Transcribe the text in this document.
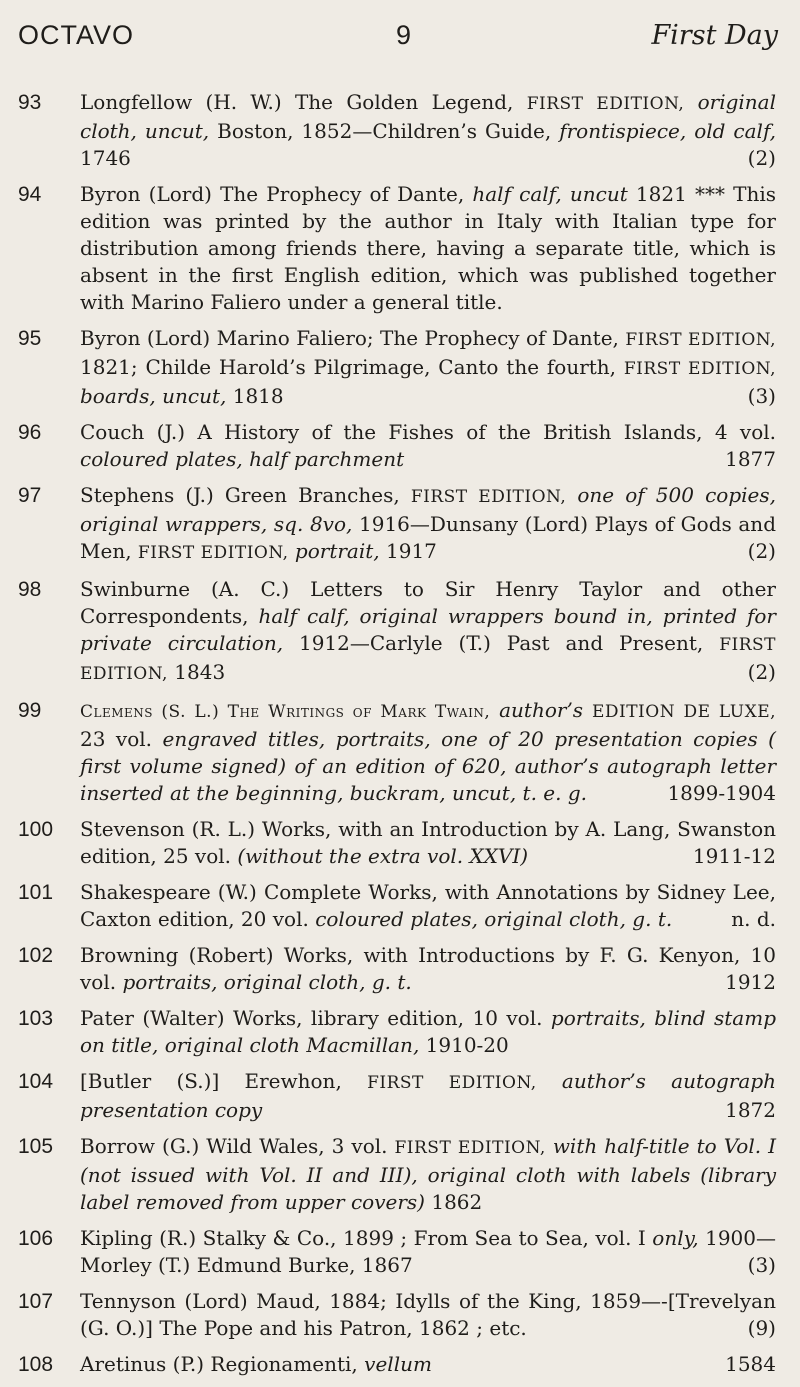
OCTAVO	9	First Day
93	Longfellow (H. W.) The Golden Legend, FIRST EDITION, original cloth, uncut, Boston, 1852—Children’s Guide, frontispiece, old calf, 1746	(2)
94	Byron (Lord) The Prophecy of Dante, half calf, uncut 1821 *** This edition was printed by the author in Italy with Italian type for distribution among friends there, having a separate title, which is absent in the first English edition, which was published together with Marino Faliero under a general title.
95	Byron (Lord) Marino Faliero; The Prophecy of Dante, FIRST EDITION, 1821; Childe Harold’s Pilgrimage, Canto the fourth, FIRST EDITION, boards, uncut, 1818	(3)
96	Couch (J.) A History of the Fishes of the British Islands, 4 vol. coloured plates, half parchment	1877
97	Stephens (J.) Green Branches, FIRST EDITION, one of 500 copies, original wrappers, sq. 8vo, 1916—Dunsany (Lord) Plays of Gods and Men, FIRST EDITION, portrait, 1917	(2)
98	Swinburne (A. C.) Letters to Sir Henry Taylor and other Correspondents, half calf, original wrappers bound in, printed for private circulation, 1912—Carlyle (T.) Past and Present, FIRST EDITION, 1843	(2)
99	Clemens (S. L.) The Writings of Mark Twain, author’s EDITION DE LUXE, 23 vol. engraved titles, portraits, one of 20 presentation copies ( first volume signed) of an edition of 620, author’s autograph letter inserted at the beginning, buckram, uncut, t. e. g.	1899-1904
100	Stevenson (R. L.) Works, with an Introduction by A. Lang, Swanston edition, 25 vol. (without the extra vol. XXVI)	1911-12
101	Shakespeare (W.) Complete Works, with Annotations by Sidney Lee, Caxton edition, 20 vol. coloured plates, original cloth, g. t.	n. d.
102	Browning (Robert) Works, with Introductions by F. G. Kenyon, 10 vol. portraits, original cloth, g. t.	1912
103	Pater (Walter) Works, library edition, 10 vol. portraits, blind stamp on title, original cloth Macmillan, 1910-20
104	[Butler (S.)] Erewhon, FIRST EDITION, author’s autograph presentation copy	1872
105	Borrow (G.) Wild Wales, 3 vol. FIRST EDITION, with half-title to Vol. I (not issued with Vol. II and III), original cloth with labels (library label removed from upper covers) 1862
106	Kipling (R.) Stalky & Co., 1899 ; From Sea to Sea, vol. I only, 1900—Morley (T.) Edmund Burke, 1867	(3)
107	Tennyson (Lord) Maud, 1884; Idylls of the King, 1859—-[Trevelyan (G. O.)] The Pope and his Patron, 1862 ; etc.	(9)
108	Aretinus (P.) Regionamenti, vellum	1584
